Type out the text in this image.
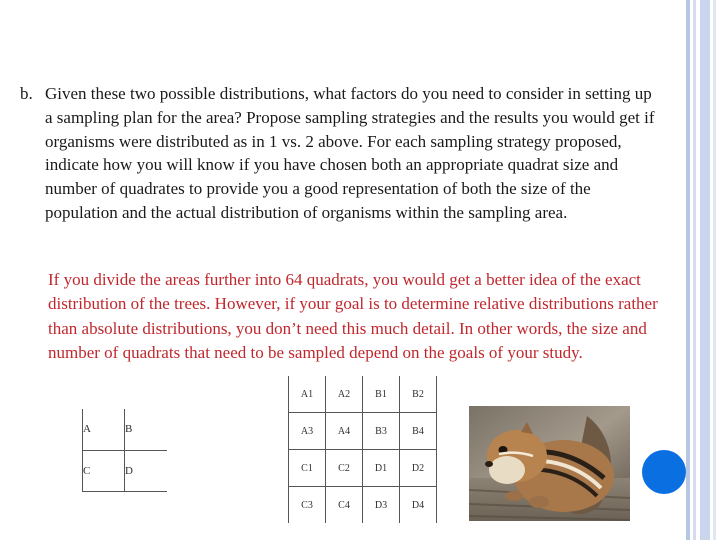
b. Given these two possible distributions, what factors do you need to consider in setting up a sampling plan for the area? Propose sampling strategies and the results you would get if organisms were distributed as in 1 vs. 2 above. For each sampling strategy proposed, indicate how you will know if you have chosen both an appropriate quadrat size and number of quadrates to provide you a good representation of both the size of the population and the actual distribution of organisms within the sampling area.
If you divide the areas further into 64 quadrats, you would get a better idea of the exact distribution of the trees. However, if your goal is to determine relative distributions rather than absolute distributions, you don’t need this much detail. In other words, the size and number of quadrats that need to be sampled depend on the goals of your study.
A	B
C	D
A1	A2	B1	B2
A3	A4	B3	B4
C1	C2	D1	D2
C3	C4	D3	D4
